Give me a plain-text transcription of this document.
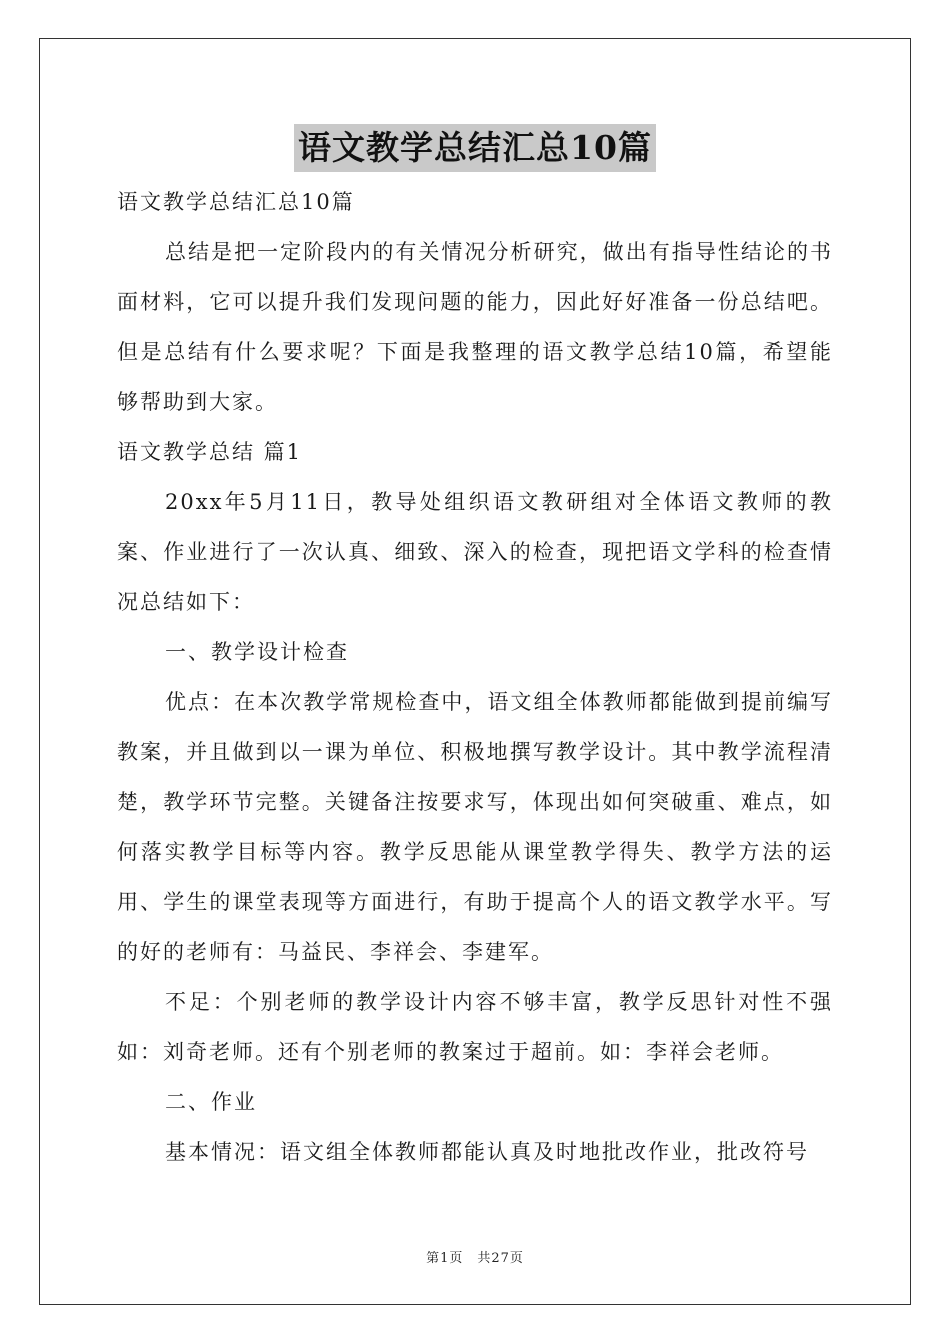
语文教学总结汇总10篇

语文教学总结汇总10篇

总结是把一定阶段内的有关情况分析研究，做出有指导性结论的书面材料，它可以提升我们发现问题的能力，因此好好准备一份总结吧。但是总结有什么要求呢？下面是我整理的语文教学总结10篇，希望能够帮助到大家。

语文教学总结 篇1

20xx年5月11日，教导处组织语文教研组对全体语文教师的教案、作业进行了一次认真、细致、深入的检查，现把语文学科的检查情况总结如下：

一、教学设计检查

优点：在本次教学常规检查中，语文组全体教师都能做到提前编写教案，并且做到以一课为单位、积极地撰写教学设计。其中教学流程清楚，教学环节完整。关键备注按要求写，体现出如何突破重、难点，如何落实教学目标等内容。教学反思能从课堂教学得失、教学方法的运用、学生的课堂表现等方面进行，有助于提高个人的语文教学水平。写的好的老师有：马益民、李祥会、李建军。

不足：个别老师的教学设计内容不够丰富，教学反思针对性不强如：刘奇老师。还有个别老师的教案过于超前。如：李祥会老师。

二、作业

基本情况：语文组全体教师都能认真及时地批改作业，批改符号

第1页　共27页
